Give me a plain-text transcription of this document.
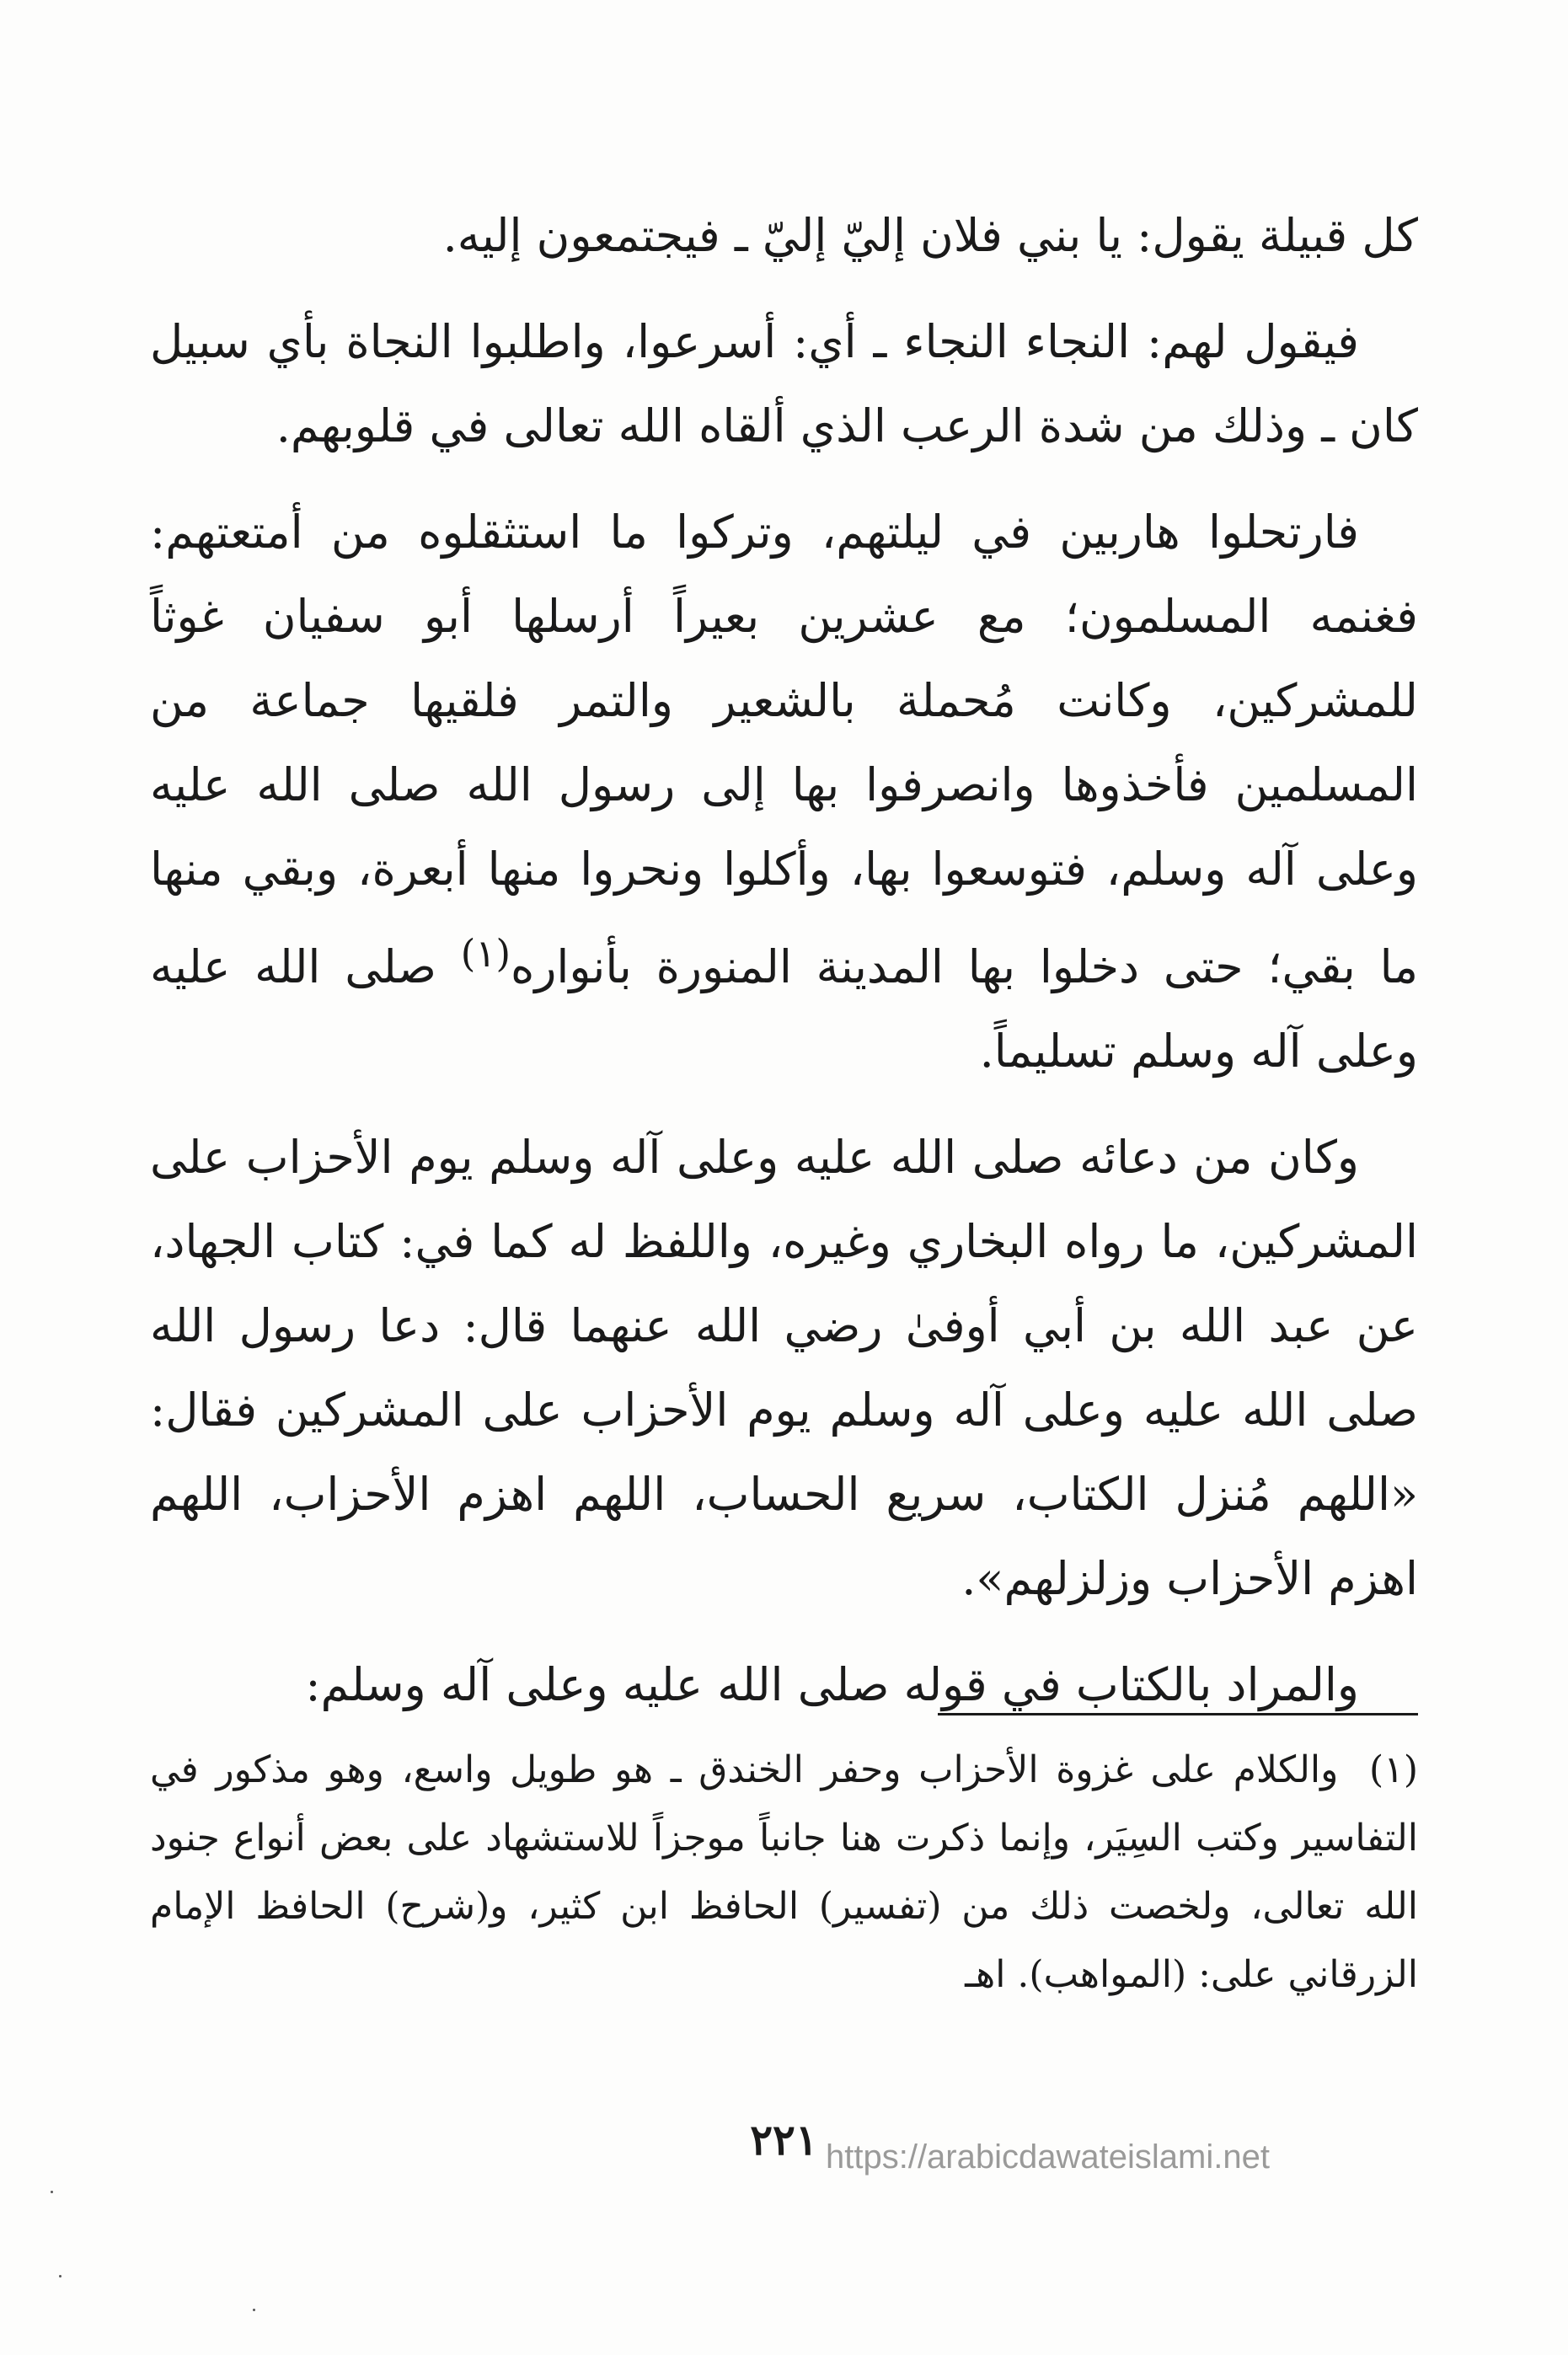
كل قبيلة يقول: يا بني فلان إليّ إليّ ـ فيجتمعون إليه.

فيقول لهم: النجاء النجاء ـ أي: أسرعوا، واطلبوا النجاة بأي سبيل كان ـ وذلك من شدة الرعب الذي ألقاه الله تعالى في قلوبهم.

فارتحلوا هاربين في ليلتهم، وتركوا ما استثقلوه من أمتعتهم: فغنمه المسلمون؛ مع عشرين بعيراً أرسلها أبو سفيان غوثاً للمشركين، وكانت مُحملة بالشعير والتمر فلقيها جماعة من المسلمين فأخذوها وانصرفوا بها إلى رسول الله صلى الله عليه وعلى آله وسلم، فتوسعوا بها، وأكلوا ونحروا منها أبعرة، وبقي منها ما بقي؛ حتى دخلوا بها المدينة المنورة بأنواره$^{(١)}$ صلى الله عليه وعلى آله وسلم تسليماً.

وكان من دعائه صلى الله عليه وعلى آله وسلم يوم الأحزاب على المشركين، ما رواه البخاري وغيره، واللفظ له كما في: كتاب الجهاد، عن عبد الله بن أبي أوفىٰ رضي الله عنهما قال: دعا رسول الله صلى الله عليه وعلى آله وسلم يوم الأحزاب على المشركين فقال: «اللهم مُنزل الكتاب، سريع الحساب، اللهم اهزم الأحزاب، اللهم اهزم الأحزاب وزلزلهم».

والمراد بالكتاب في قوله صلى الله عليه وعلى آله وسلم:

(١) والكلام على غزوة الأحزاب وحفر الخندق ـ هو طويل واسع، وهو مذكور في التفاسير وكتب السِيَر، وإنما ذكرت هنا جانباً موجزاً للاستشهاد على بعض أنواع جنود الله تعالى، ولخصت ذلك من (تفسير) الحافظ ابن كثير، و(شرح) الحافظ الإمام الزرقاني على: (المواهب). اهـ
٢٢١ https://arabicdawateislami.net
